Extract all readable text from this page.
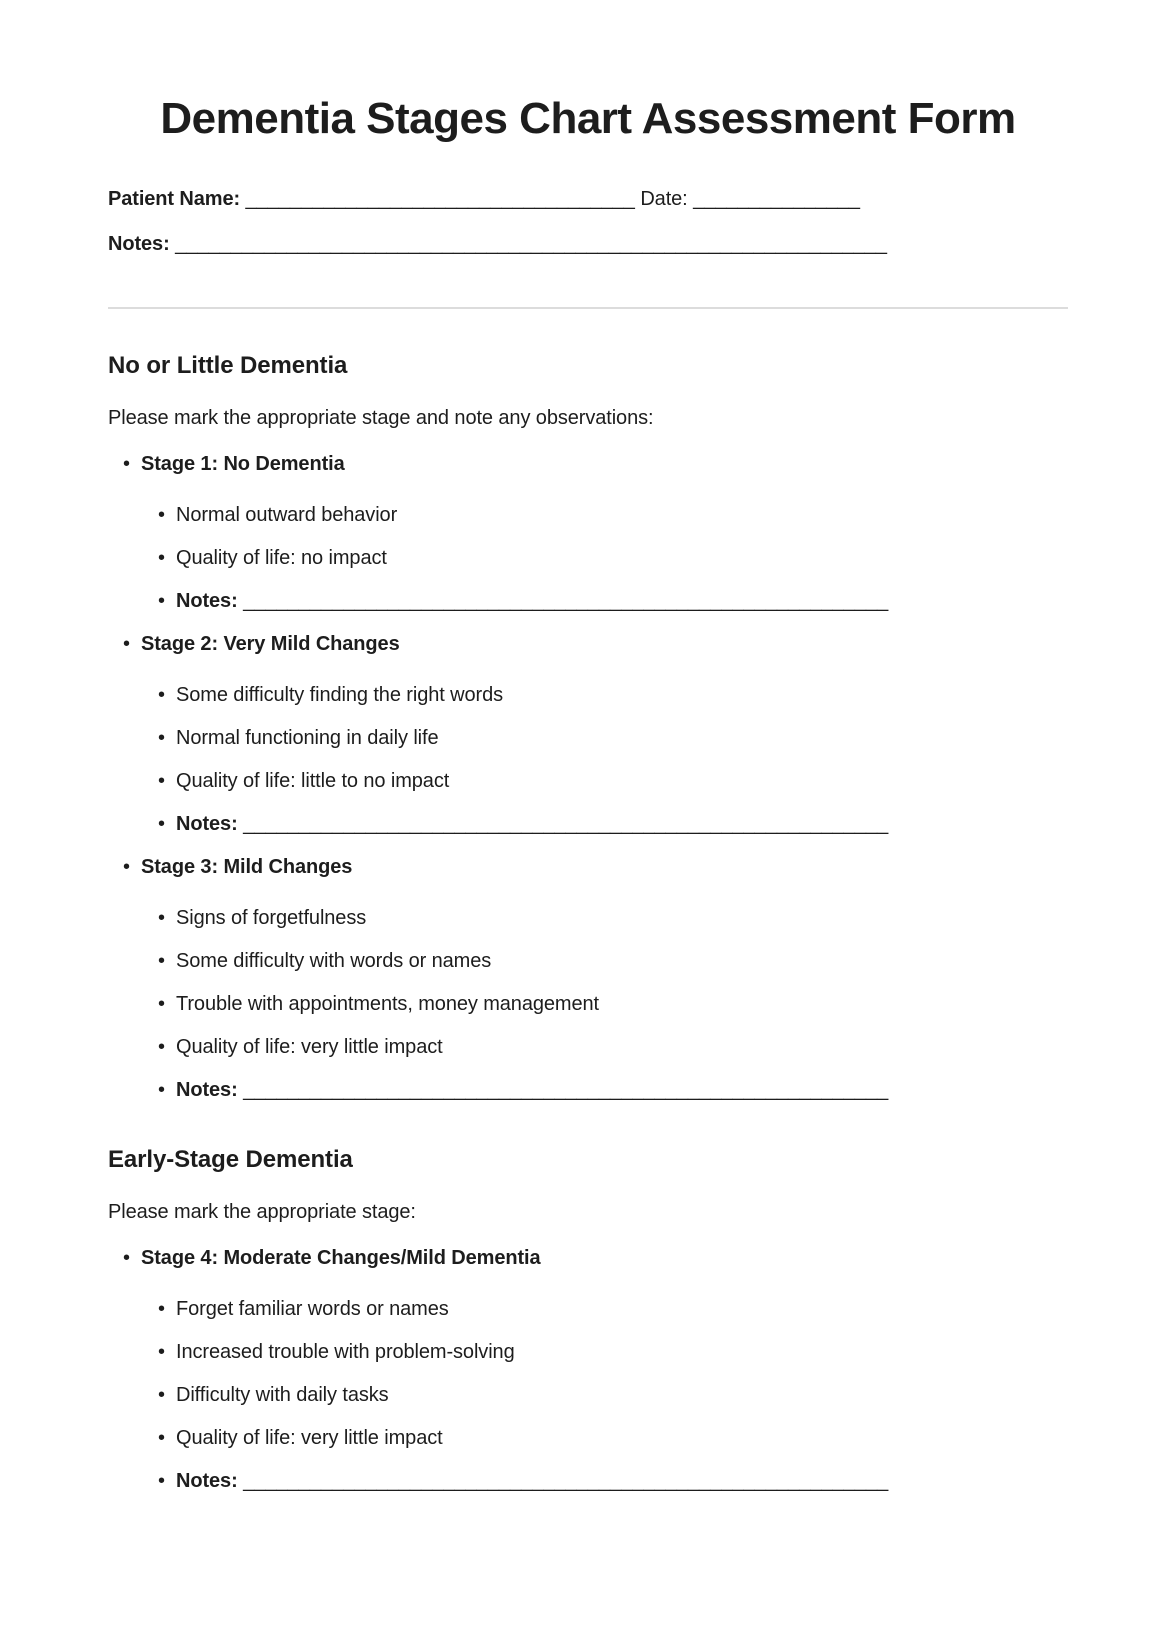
Dementia Stages Chart Assessment Form

Patient Name: ___________________________________ Date: _______________

Notes: ________________________________________________________________

No or Little Dementia

Please mark the appropriate stage and note any observations:

• Stage 1: No Dementia
• Normal outward behavior
• Quality of life: no impact
• Notes: __________________________________________________________
• Stage 2: Very Mild Changes
• Some difficulty finding the right words
• Normal functioning in daily life
• Quality of life: little to no impact
• Notes: __________________________________________________________
• Stage 3: Mild Changes
• Signs of forgetfulness
• Some difficulty with words or names
• Trouble with appointments, money management
• Quality of life: very little impact
• Notes: __________________________________________________________
Early-Stage Dementia

Please mark the appropriate stage:

• Stage 4: Moderate Changes/Mild Dementia
• Forget familiar words or names
• Increased trouble with problem-solving
• Difficulty with daily tasks
• Quality of life: very little impact
• Notes: __________________________________________________________
